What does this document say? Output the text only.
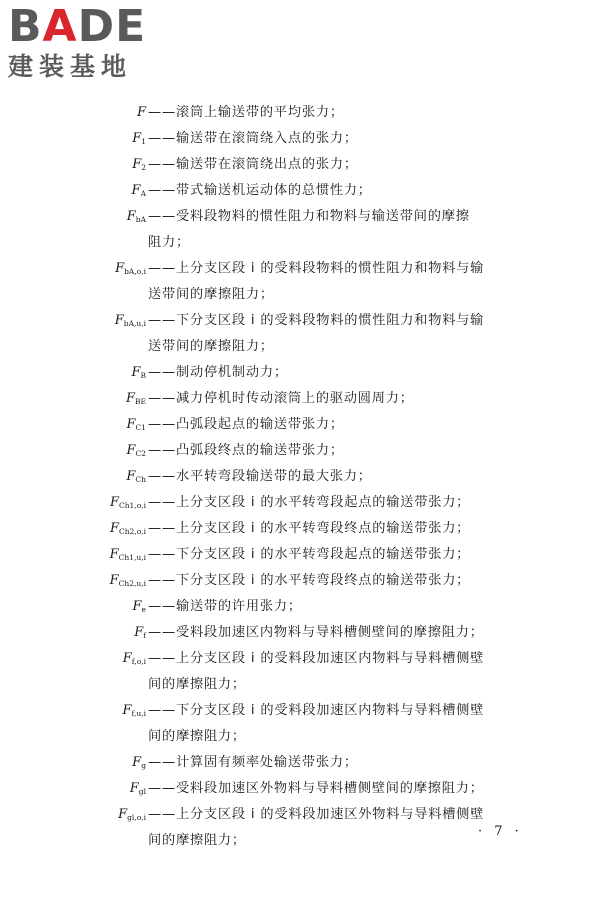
BADE
建装基地
F ——滚筒上输送带的平均张力；
$F_1$ ——输送带在滚筒绕入点的张力；
$F_2$ ——输送带在滚筒绕出点的张力；
$F_A$ ——带式输送机运动体的总惯性力；
$F_{bA}$ ——受料段物料的惯性阻力和物料与输送带间的摩擦
阻力；
$F_{bA,o,i}$ ——上分支区段 i 的受料段物料的惯性阻力和物料与输
送带间的摩擦阻力；
$F_{bA,u,i}$ ——下分支区段 i 的受料段物料的惯性阻力和物料与输
送带间的摩擦阻力；
$F_B$ ——制动停机制动力；
$F_{BE}$ ——减力停机时传动滚筒上的驱动圆周力；
$F_{C1}$ ——凸弧段起点的输送带张力；
$F_{C2}$ ——凸弧段终点的输送带张力；
$F_{Ch}$ ——水平转弯段输送带的最大张力；
$F_{Ch1,o,i}$ ——上分支区段 i 的水平转弯段起点的输送带张力；
$F_{Ch2,o,i}$ ——上分支区段 i 的水平转弯段终点的输送带张力；
$F_{Ch1,u,i}$ ——下分支区段 i 的水平转弯段起点的输送带张力；
$F_{Ch2,u,i}$ ——下分支区段 i 的水平转弯段终点的输送带张力；
$F_e$ ——输送带的许用张力；
$F_f$ ——受料段加速区内物料与导料槽侧壁间的摩擦阻力；
$F_{f,o,i}$ ——上分支区段 i 的受料段加速区内物料与导料槽侧壁
间的摩擦阻力；
$F_{f,u,i}$ ——下分支区段 i 的受料段加速区内物料与导料槽侧壁
间的摩擦阻力；
$F_g$ ——计算固有频率处输送带张力；
$F_{gl}$ ——受料段加速区外物料与导料槽侧壁间的摩擦阻力；
$F_{gl,o,i}$ ——上分支区段 i 的受料段加速区外物料与导料槽侧壁
间的摩擦阻力；
· 7 ·
